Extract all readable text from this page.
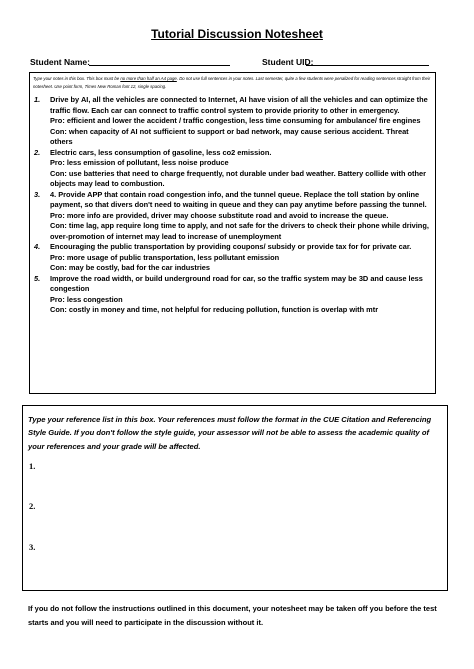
Tutorial Discussion Notesheet
Student Name:	Student UID:
Type your notes in this box. This box must be no more than half an A4 page. Do not use full sentences in your notes. Last semester, quite a few students were penalized for reading sentences straight from their notesheet. Use point form, Times New Roman font 12, single spacing.
1. Drive by AI, all the vehicles are connected to Internet, AI have vision of all the vehicles and can optimize the traffic flow. Each car can connect to traffic control system to provide priority to other in emergency.

Pro: efficient and lower the accident / traffic congestion, less time consuming for ambulance/ fire engines

Con: when capacity of AI not sufficient to support or bad network, may cause serious accident. Threat others

2. Electric cars, less consumption of gasoline, less co2 emission.

Pro: less emission of pollutant, less noise produce

Con: use batteries that need to charge frequently, not durable under bad weather. Battery collide with other objects may lead to combustion.

3. 4. Provide APP that contain road congestion info, and the tunnel queue. Replace the toll station by online payment, so that divers don't need to waiting in queue and they can pay anytime before passing the tunnel.

Pro: more info are provided, driver may choose substitute road and avoid to increase the queue.

Con: time lag, app require long time to apply, and not safe for the drivers to check their phone while driving, over-promotion of internet may lead to increase of unemployment

4. Encouraging the public transportation by providing coupons/ subsidy or provide tax for for private car.

Pro: more usage of public transportation, less pollutant emission

Con: may be costly, bad for the car industries

5. Improve the road width, or build underground road for car, so the traffic system may be 3D and cause less congestion

Pro: less congestion

Con: costly in money and time, not helpful for reducing pollution, function is overlap with mtr

Type your reference list in this box. Your references must follow the format in the CUE Citation and Referencing Style Guide. If you don't follow the style guide, your assessor will not be able to assess the academic quality of your references and your grade will be affected.
1.
2.
3.
If you do not follow the instructions outlined in this document, your notesheet may be taken off you before the test starts and you will need to participate in the discussion without it.
